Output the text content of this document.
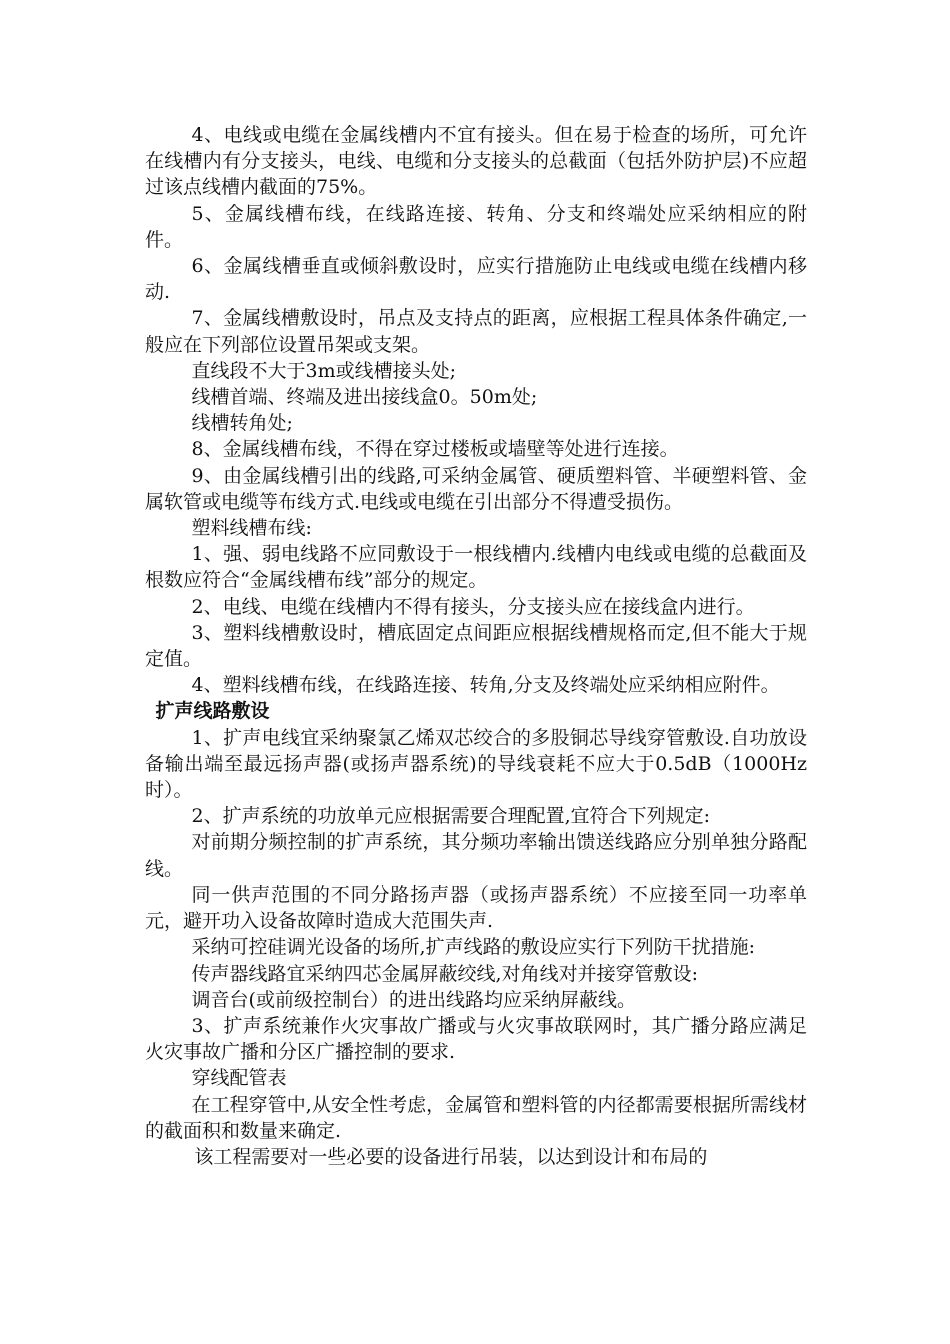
4、电线或电缆在金属线槽内不宜有接头。但在易于检查的场所，可允许在线槽内有分支接头，电线、电缆和分支接头的总截面（包括外防护层)不应超过该点线槽内截面的75%。

5、金属线槽布线，在线路连接、转角、分支和终端处应采纳相应的附件。

6、金属线槽垂直或倾斜敷设时，应实行措施防止电线或电缆在线槽内移动.

7、金属线槽敷设时，吊点及支持点的距离，应根据工程具体条件确定,一般应在下列部位设置吊架或支架。

直线段不大于3m或线槽接头处;

线槽首端、终端及进出接线盒0。50m处;

线槽转角处;

8、金属线槽布线，不得在穿过楼板或墙壁等处进行连接。

9、由金属线槽引出的线路,可采纳金属管、硬质塑料管、半硬塑料管、金属软管或电缆等布线方式.电线或电缆在引出部分不得遭受损伤。

塑料线槽布线:

1、强、弱电线路不应同敷设于一根线槽内.线槽内电线或电缆的总截面及根数应符合“金属线槽布线”部分的规定。

2、电线、电缆在线槽内不得有接头，分支接头应在接线盒内进行。

3、塑料线槽敷设时，槽底固定点间距应根据线槽规格而定,但不能大于规定值。

4、塑料线槽布线，在线路连接、转角,分支及终端处应采纳相应附件。

扩声线路敷设

1、扩声电线宜采纳聚氯乙烯双芯绞合的多股铜芯导线穿管敷设.自功放设备输出端至最远扬声器(或扬声器系统)的导线衰耗不应大于0.5dB（1000Hz时）。

2、扩声系统的功放单元应根据需要合理配置,宜符合下列规定:

对前期分频控制的扩声系统，其分频功率输出馈送线路应分别单独分路配线。

同一供声范围的不同分路扬声器（或扬声器系统）不应接至同一功率单元，避开功入设备故障时造成大范围失声.

采纳可控硅调光设备的场所,扩声线路的敷设应实行下列防干扰措施:

传声器线路宜采纳四芯金属屏蔽绞线,对角线对并接穿管敷设:

调音台(或前级控制台）的进出线路均应采纳屏蔽线。

3、扩声系统兼作火灾事故广播或与火灾事故联网时，其广播分路应满足火灾事故广播和分区广播控制的要求.

穿线配管表

在工程穿管中,从安全性考虑，金属管和塑料管的内径都需要根据所需线材的截面积和数量来确定.

该工程需要对一些必要的设备进行吊装，以达到设计和布局的
